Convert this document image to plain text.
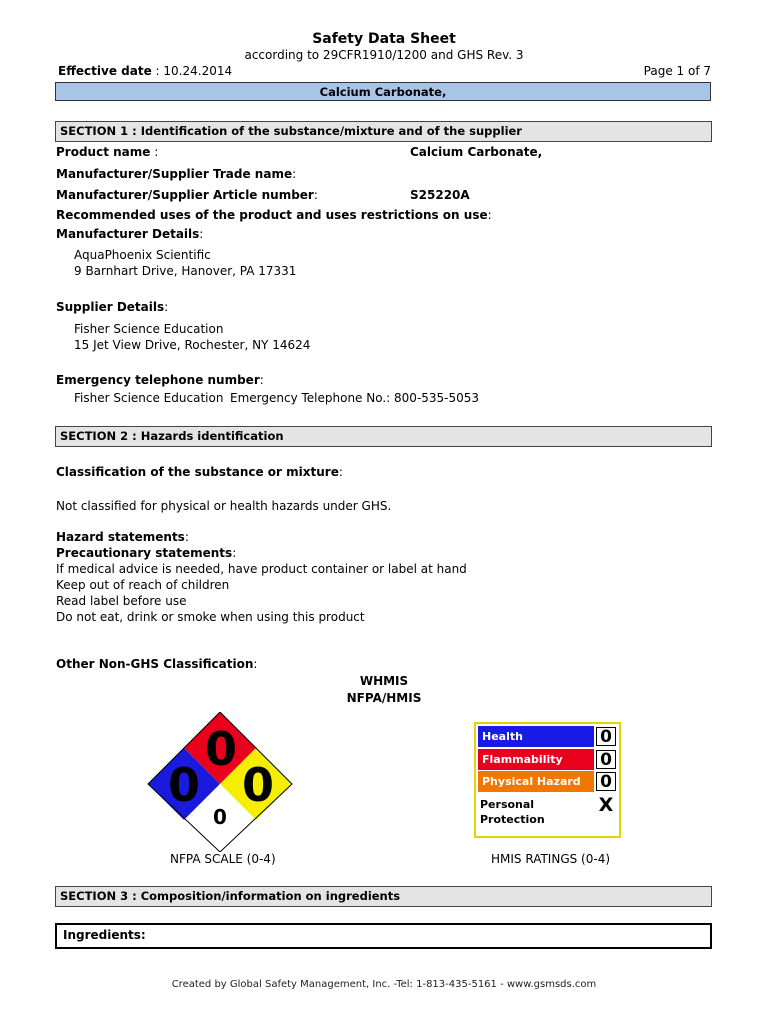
Safety Data Sheet
according to 29CFR1910/1200 and GHS Rev. 3
Effective date : 10.24.2014	Page 1 of 7
Calcium Carbonate,
SECTION 1 : Identification of the substance/mixture and of the supplier
Product name :	Calcium Carbonate,
Manufacturer/Supplier Trade name:
Manufacturer/Supplier Article number:	S25220A
Recommended uses of the product and uses restrictions on use:
Manufacturer Details:
AquaPhoenix Scientific
9 Barnhart Drive, Hanover, PA 17331
Supplier Details:
Fisher Science Education
15 Jet View Drive, Rochester, NY 14624
Emergency telephone number:
Fisher Science Education Emergency Telephone No.: 800-535-5053
SECTION 2 : Hazards identification
Classification of the substance or mixture:
Not classified for physical or health hazards under GHS.
Hazard statements:
Precautionary statements:
If medical advice is needed, have product container or label at hand
Keep out of reach of children
Read label before use
Do not eat, drink or smoke when using this product
Other Non-GHS Classification:
WHMIS
NFPA/HMIS
0
0 0
0
NFPA SCALE (0-4)
Health	0
Flammability	0
Physical Hazard	0
Personal
Protection
X
HMIS RATINGS (0-4)
SECTION 3 : Composition/information on ingredients
Ingredients:
Created by Global Safety Management, Inc. -Tel: 1-813-435-5161 - www.gsmsds.com
